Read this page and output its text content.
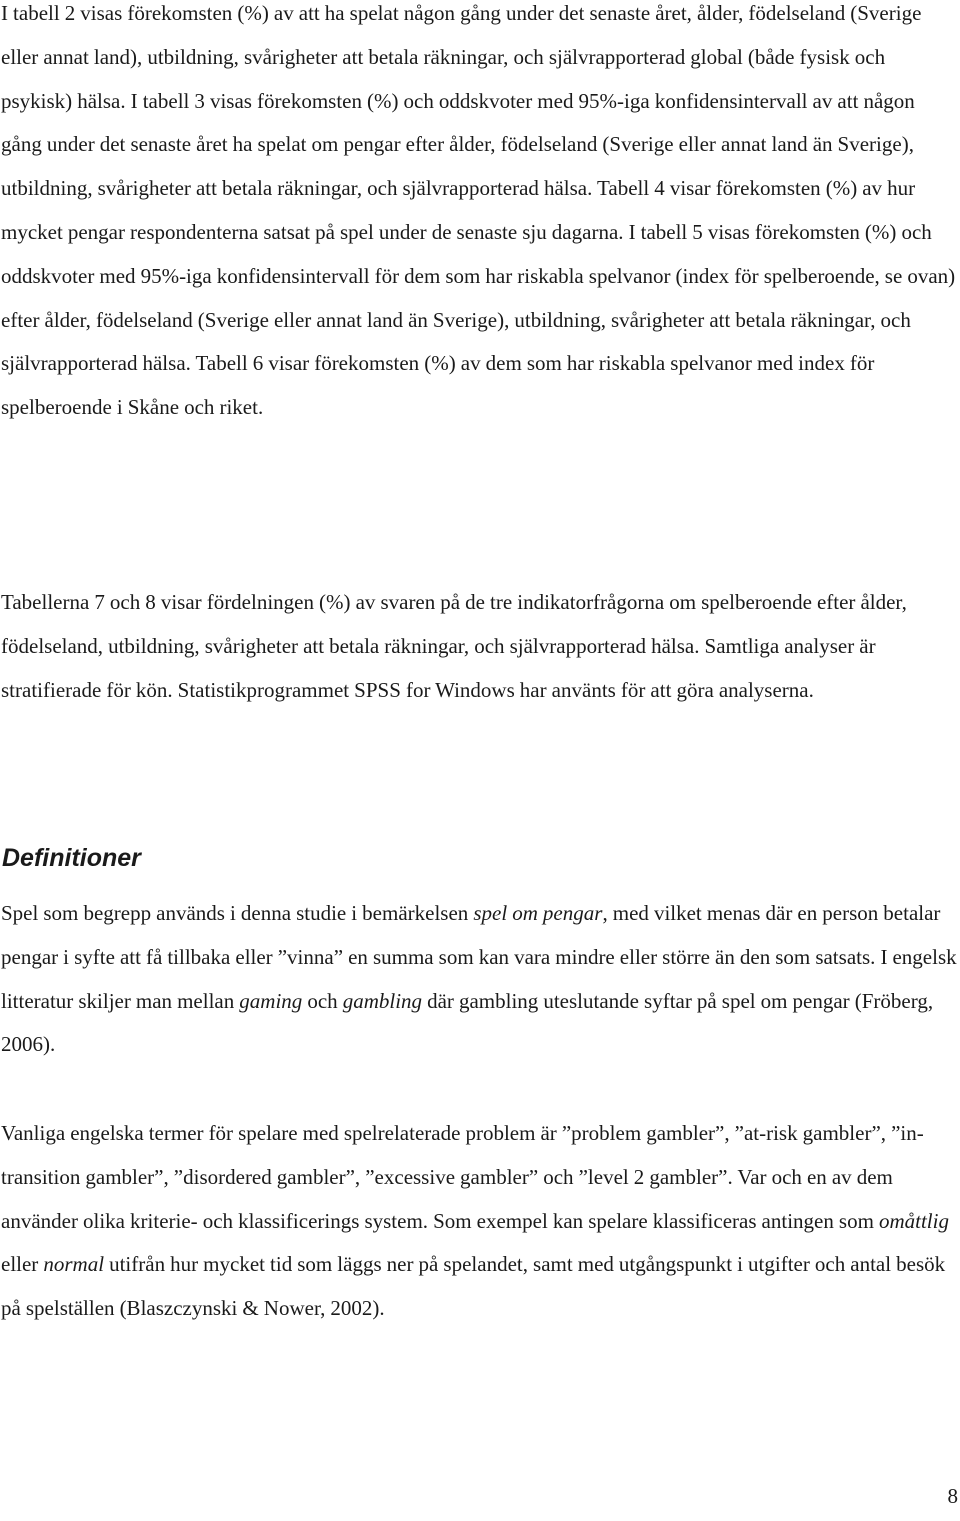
I tabell 2 visas förekomsten (%) av att ha spelat någon gång under det senaste året, ålder, födelseland (Sverige eller annat land), utbildning, svårigheter att betala räkningar, och självrapporterad global (både fysisk och psykisk) hälsa. I tabell 3 visas förekomsten (%) och oddskvoter med 95%-iga konfidensintervall av att någon gång under det senaste året ha spelat om pengar efter ålder, födelseland (Sverige eller annat land än Sverige), utbildning, svårigheter att betala räkningar, och självrapporterad hälsa. Tabell 4 visar förekomsten (%) av hur mycket pengar respondenterna satsat på spel under de senaste sju dagarna. I tabell 5 visas förekomsten (%) och oddskvoter med 95%-iga konfidensintervall för dem som har riskabla spelvanor (index för spelberoende, se ovan) efter ålder, födelseland (Sverige eller annat land än Sverige), utbildning, svårigheter att betala räkningar, och självrapporterad hälsa. Tabell 6 visar förekomsten (%) av dem som har riskabla spelvanor med index för spelberoende i Skåne och riket.

Tabellerna 7 och 8 visar fördelningen (%) av svaren på de tre indikatorfrågorna om spelberoende efter ålder, födelseland, utbildning, svårigheter att betala räkningar, och självrapporterad hälsa. Samtliga analyser är stratifierade för kön. Statistikprogrammet SPSS for Windows har använts för att göra analyserna.

Definitioner

Spel som begrepp används i denna studie i bemärkelsen spel om pengar, med vilket menas där en person betalar pengar i syfte att få tillbaka eller ”vinna” en summa som kan vara mindre eller större än den som satsats. I engelsk litteratur skiljer man mellan gaming och gambling där gambling uteslutande syftar på spel om pengar (Fröberg, 2006).

Vanliga engelska termer för spelare med spelrelaterade problem är ”problem gambler”, ”at-risk gambler”, ”in-transition gambler”, ”disordered gambler”, ”excessive gambler” och ”level 2 gambler”. Var och en av dem använder olika kriterie- och klassificerings system. Som exempel kan spelare klassificeras antingen som omåttlig eller normal utifrån hur mycket tid som läggs ner på spelandet, samt med utgångspunkt i utgifter och antal besök på spelställen (Blaszczynski & Nower, 2002).

8
